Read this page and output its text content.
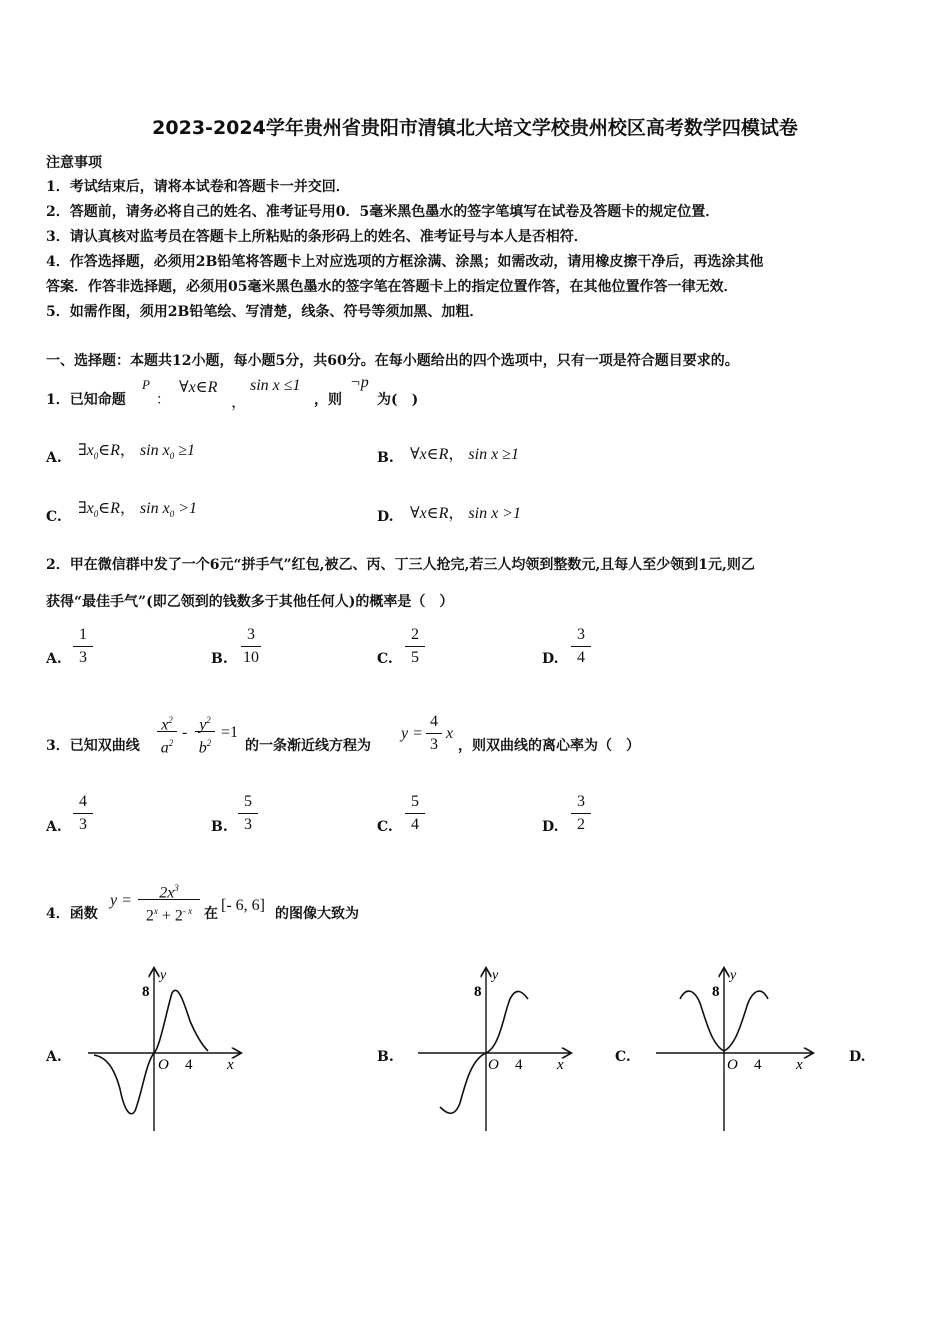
2023-2024学年贵州省贵阳市清镇北大培文学校贵州校区高考数学四模试卷
注意事项
1．考试结束后，请将本试卷和答题卡一并交回．
2．答题前，请务必将自己的姓名、准考证号用0．5毫米黑色墨水的签字笔填写在试卷及答题卡的规定位置．
3．请认真核对监考员在答题卡上所粘贴的条形码上的姓名、准考证号与本人是否相符．
4．作答选择题，必须用2B铅笔将答题卡上对应选项的方框涂满、涂黑；如需改动，请用橡皮擦干净后，再选涂其他
答案．作答非选择题，必须用05毫米黑色墨水的签字笔在答题卡上的指定位置作答，在其他位置作答一律无效．
5．如需作图，须用2B铅笔绘、写清楚，线条、符号等须加黑、加粗．
一、选择题：本题共12小题，每小题5分，共60分。在每小题给出的四个选项中，只有一项是符合题目要求的。
1．已知命题
P
：
∀x∈R
，
sin x ≤1
，则
¬p
为(　)
A. $\exists x_0\in R$， $\sin x_0 \ge 1$	B. ∀x∈R， sin x ≥1
C. $\exists x_0\in R$， $\sin x_0 >1$	D. ∀x∈R， sin x >1
2．甲在微信群中发了一个6元“拼手气”红包,被乙、丙、丁三人抢完,若三人均领到整数元,且每人至少领到1元,则乙
获得“最佳手气”(即乙领到的钱数多于其他任何人)的概率是（　）
A.
1
3	B.
3
10	C.
2
5	D.
3
4
3．已知双曲线
$x^2$
$a^2$
- $y^2$
$b^2$
=1
的一条渐近线方程为
y =
4
3
x
，则双曲线的离心率为（　）
A.
4
3	B.
5
3	C.
5
4	D.
3
2
4．函数
y =	$2x^3$
$2^x + 2^{- x}$ 在 [- 6, 6] 的图像大致为
A.	B.	C.	D.
8
y
O 4 x
8
y
O 4 x
8
y
O 4 x
